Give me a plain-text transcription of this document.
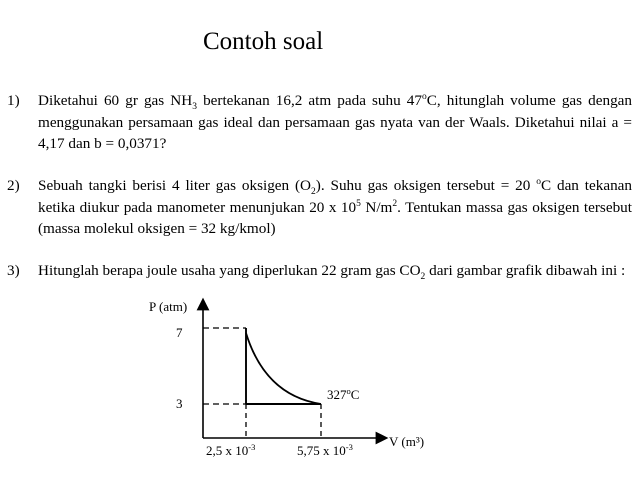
Contoh soal
1) Diketahui 60 gr gas $NH_3$ bertekanan 16,2 atm pada suhu 47$^o$C, hitunglah volume gas dengan menggunakan persamaan gas ideal dan persamaan gas nyata van der Waals. Diketahui nilai a = 4,17 dan b = 0,0371?
2) Sebuah tangki berisi 4 liter gas oksigen $(O_2)$. Suhu gas oksigen tersebut = 20 $^o$C dan tekanan ketika diukur pada manometer menunjukan 20 x $10^5$ $N/m^2$. Tentukan massa gas oksigen tersebut (massa molekul oksigen = 32 kg/kmol)
3) Hitunglah berapa joule usaha yang diperlukan 22 gram gas $CO_2$ dari gambar grafik dibawah ini :
P (atm)
7
3
327$^o$C
2,5 x $10^{-3}$	5,75 x $10^{-3}$	V (m³)
